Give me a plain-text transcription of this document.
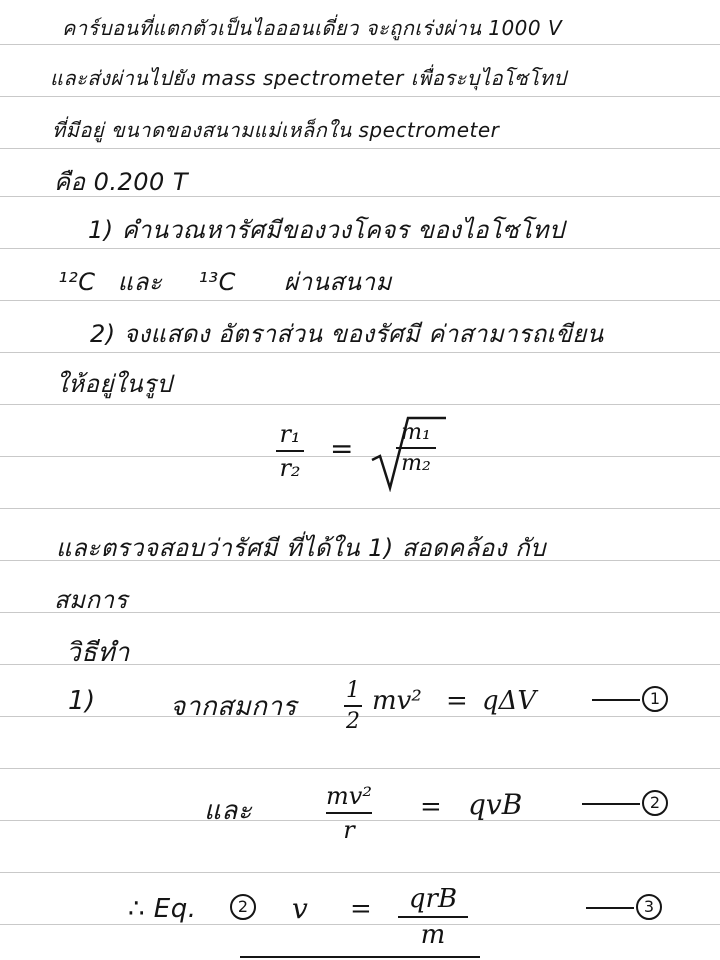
คาร์บอนที่แตกตัวเป็นไอออนเดี่ยว จะถูกเร่งผ่าน 1000 V
และส่งผ่านไปยัง mass spectrometer เพื่อระบุไอโซโทป
ที่มีอยู่ ขนาดของสนามแม่เหล็กใน spectrometer
คือ 0.200 T
1) คำนวณหารัศมีของวงโคจร ของไอโซโทป
¹²C และ ¹³C ผ่านสนาม
2) จงแสดง อัตราส่วน ของรัศมี ค่าสามารถเขียน
ให้อยู่ในรูป
r₁
r₂
= m₁
m₂
และตรวจสอบว่ารัศมี ที่ได้ใน 1) สอดคล้อง กับ
สมการ
วิธีทำ
1)	จากสมการ
1
2
mv² = qΔV	1
และ	mv²
r
= qvB	2
∴ Eq.	2 v =	qrB
m
3
